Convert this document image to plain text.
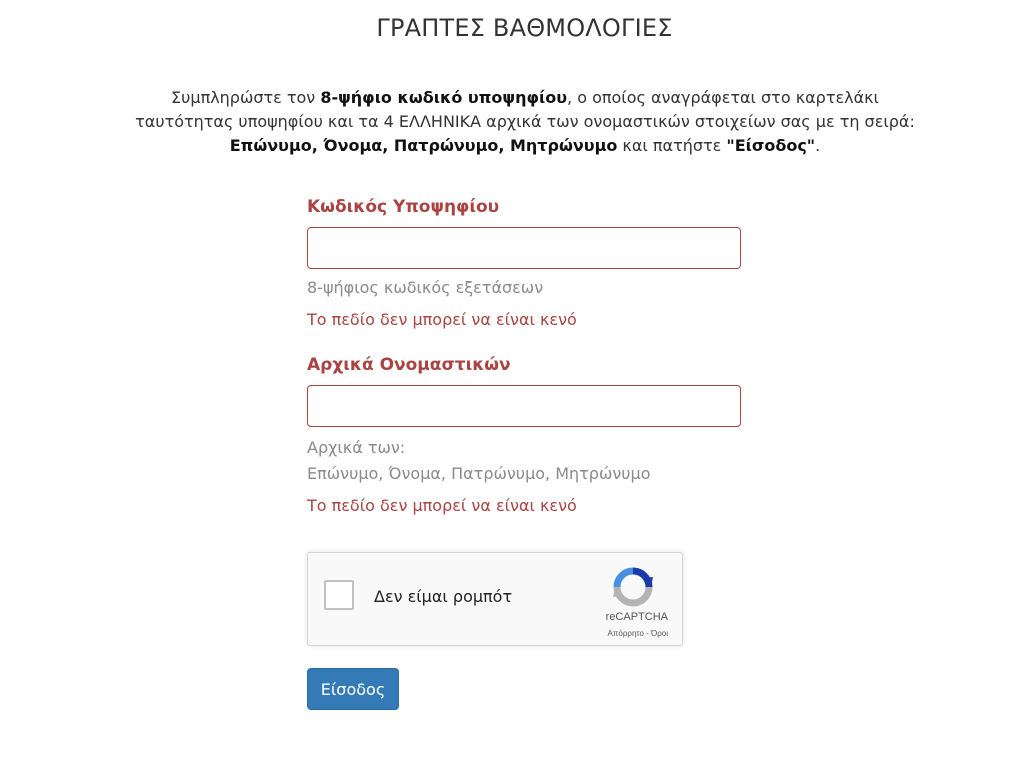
ΓΡΑΠΤΕΣ ΒΑΘΜΟΛΟΓΙΕΣ

Συμπληρώστε τον 8-ψήφιο κωδικό υποψηφίου, ο οποίος αναγράφεται στο καρτελάκι ταυτότητας υποψηφίου και τα 4 ΕΛΛΗΝΙΚΑ αρχικά των ονομαστικών στοιχείων σας με τη σειρά: Επώνυμο, Όνομα, Πατρώνυμο, Μητρώνυμο και πατήστε "Είσοδος".

Κωδικός Υποψηφίου

8-ψήφιος κωδικός εξετάσεων

Το πεδίο δεν μπορεί να είναι κενό

Αρχικά Ονομαστικών

Αρχικά των:

Επώνυμο, Όνομα, Πατρώνυμο, Μητρώνυμο

Το πεδίο δεν μπορεί να είναι κενό

Δεν είμαι ρομπότ
reCAPTCHA
Απόρρητο - Όροι
Είσοδος
